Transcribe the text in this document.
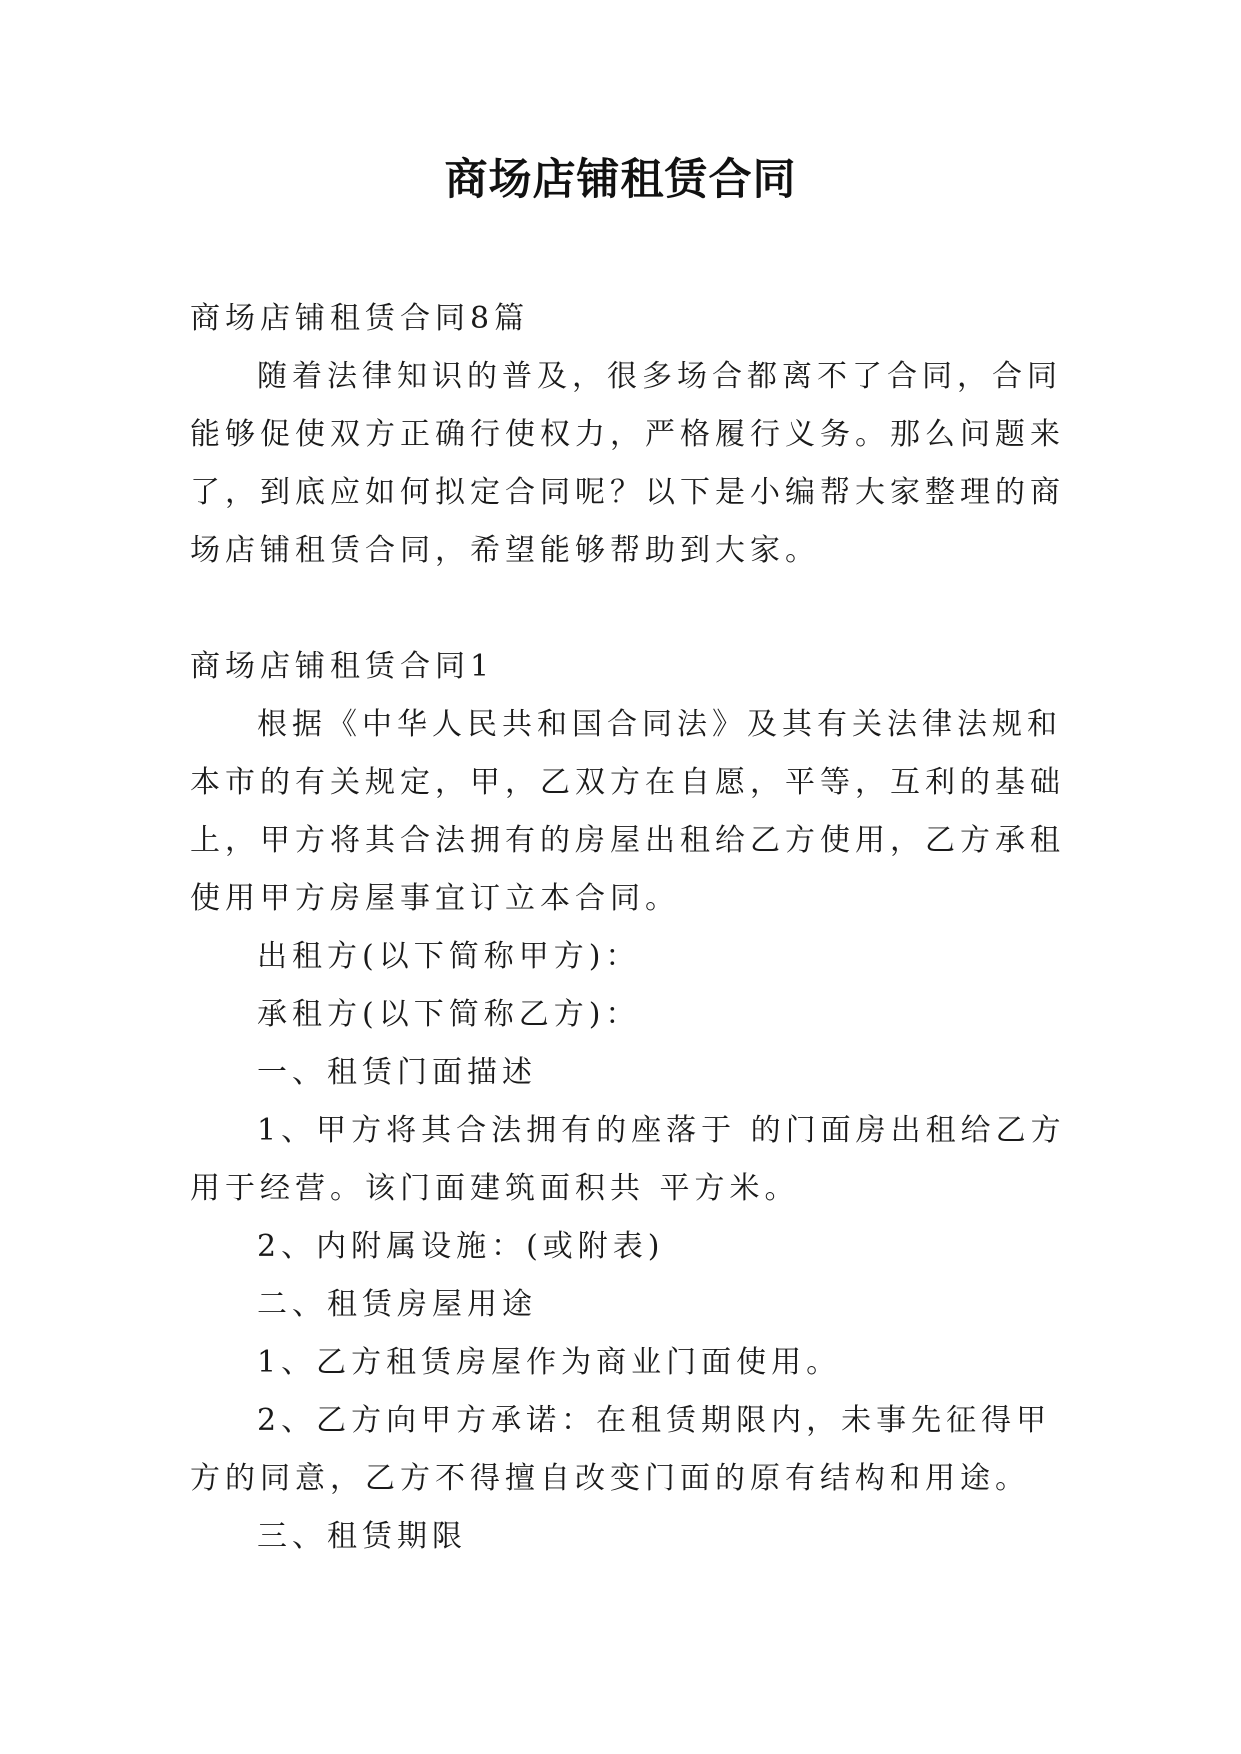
商场店铺租赁合同

商场店铺租赁合同8篇

随着法律知识的普及，很多场合都离不了合同，合同能够促使双方正确行使权力，严格履行义务。那么问题来了，到底应如何拟定合同呢？以下是小编帮大家整理的商场店铺租赁合同，希望能够帮助到大家。

商场店铺租赁合同1

根据《中华人民共和国合同法》及其有关法律法规和本市的有关规定，甲，乙双方在自愿，平等，互利的基础上，甲方将其合法拥有的房屋出租给乙方使用，乙方承租使用甲方房屋事宜订立本合同。

出租方(以下简称甲方)：

承租方(以下简称乙方)：

一、租赁门面描述

1、甲方将其合法拥有的座落于 的门面房出租给乙方用于经营。该门面建筑面积共 平方米。

2、内附属设施：(或附表)

二、租赁房屋用途

1、乙方租赁房屋作为商业门面使用。

2、乙方向甲方承诺：在租赁期限内，未事先征得甲方的同意，乙方不得擅自改变门面的原有结构和用途。

三、租赁期限
